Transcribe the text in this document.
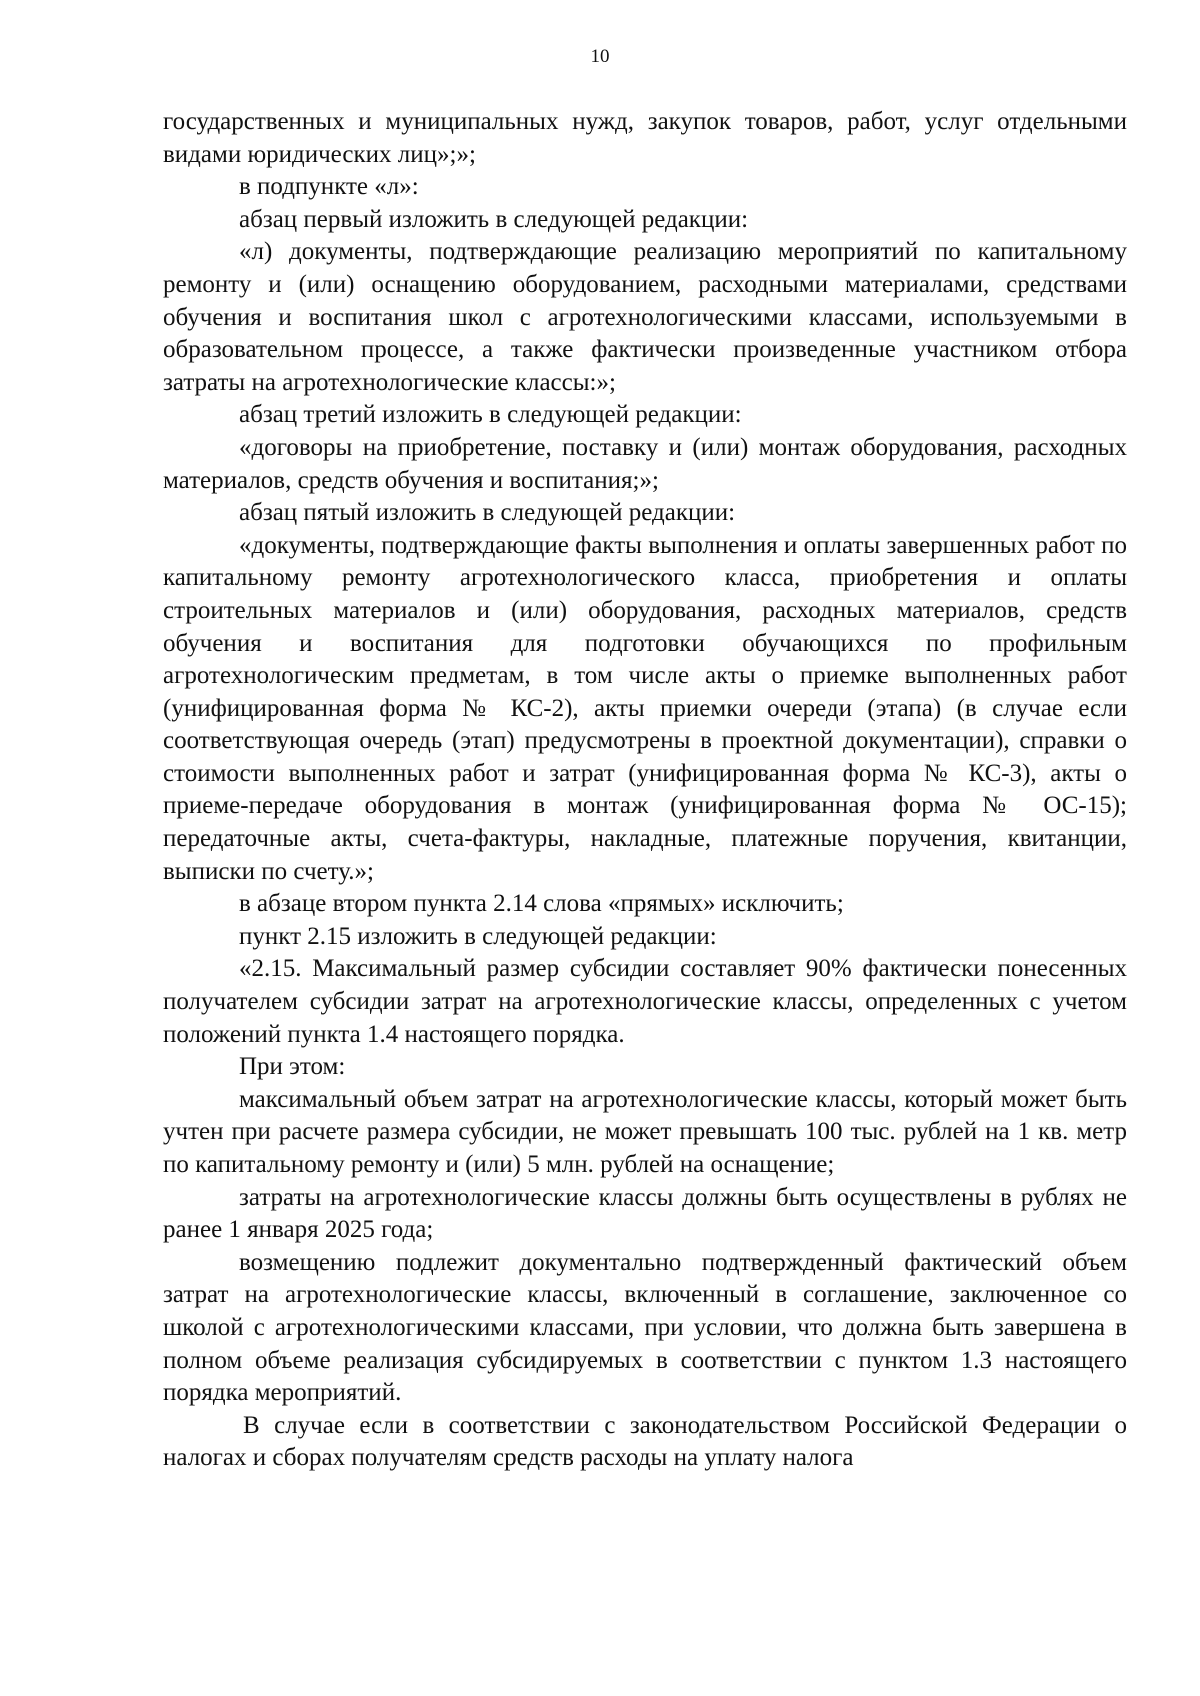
10

государственных и муниципальных нужд, закупок товаров, работ, услуг отдельными видами юридических лиц»;»;

в подпункте «л»:

абзац первый изложить в следующей редакции:

«л) документы, подтверждающие реализацию мероприятий по капитальному ремонту и (или) оснащению оборудованием, расходными материалами, средствами обучения и воспитания школ с агротехнологическими классами, используемыми в образовательном процессе, а также фактически произведенные участником отбора затраты на агротехнологические классы:»;

абзац третий изложить в следующей редакции:

«договоры на приобретение, поставку и (или) монтаж оборудования, расходных материалов, средств обучения и воспитания;»;

абзац пятый изложить в следующей редакции:

«документы, подтверждающие факты выполнения и оплаты завершенных работ по капитальному ремонту агротехнологического класса, приобретения и оплаты строительных материалов и (или) оборудования, расходных материалов, средств обучения и воспитания для подготовки обучающихся по профильным агротехнологическим предметам, в том числе акты о приемке выполненных работ (унифицированная форма № КС-2), акты приемки очереди (этапа) (в случае если соответствующая очередь (этап) предусмотрены в проектной документации), справки о стоимости выполненных работ и затрат (унифицированная форма № КС-3), акты о приеме-передаче оборудования в монтаж (унифицированная форма № ОС-15); передаточные акты, счета-фактуры, накладные, платежные поручения, квитанции, выписки по счету.»;

в абзаце втором пункта 2.14 слова «прямых» исключить;

пункт 2.15 изложить в следующей редакции:

«2.15. Максимальный размер субсидии составляет 90% фактически понесенных получателем субсидии затрат на агротехнологические классы, определенных с учетом положений пункта 1.4 настоящего порядка.

При этом:

максимальный объем затрат на агротехнологические классы, который может быть учтен при расчете размера субсидии, не может превышать 100 тыс. рублей на 1 кв. метр по капитальному ремонту и (или) 5 млн. рублей на оснащение;

затраты на агротехнологические классы должны быть осуществлены в рублях не ранее 1 января 2025 года;

возмещению подлежит документально подтвержденный фактический объем затрат на агротехнологические классы, включенный в соглашение, заключенное со школой с агротехнологическими классами, при условии, что должна быть завершена в полном объеме реализация субсидируемых в соответствии с пунктом 1.3 настоящего порядка мероприятий.

В случае если в соответствии с законодательством Российской Федерации о налогах и сборах получателям средств расходы на уплату налога
